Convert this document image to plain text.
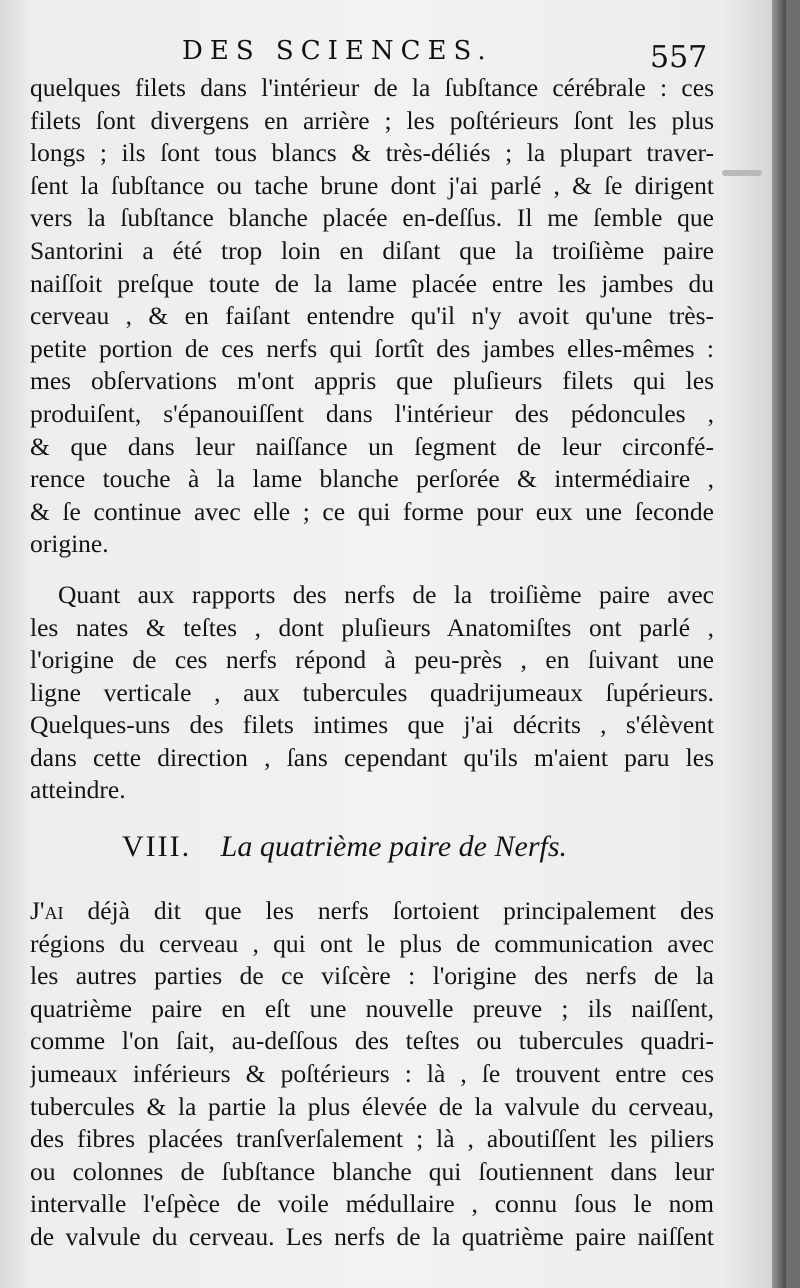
DES SCIENCES.	557
quelques filets dans l'intérieur de la ſubſtance cérébrale : ces
filets ſont divergens en arrière ; les poſtérieurs ſont les plus
longs ; ils ſont tous blancs & très-déliés ; la plupart traver-
ſent la ſubſtance ou tache brune dont j'ai parlé , & ſe dirigent
vers la ſubſtance blanche placée en-deſſus. Il me ſemble que
Santorini a été trop loin en diſant que la troiſième paire
naiſſoit preſque toute de la lame placée entre les jambes du
cerveau , & en faiſant entendre qu'il n'y avoit qu'une très-
petite portion de ces nerfs qui ſortît des jambes elles-mêmes :
mes obſervations m'ont appris que pluſieurs filets qui les
produiſent, s'épanouiſſent dans l'intérieur des pédoncules ,
& que dans leur naiſſance un ſegment de leur circonfé-
rence touche à la lame blanche perſorée & intermédiaire ,
& ſe continue avec elle ; ce qui forme pour eux une ſeconde
origine.
Quant aux rapports des nerfs de la troiſième paire avec
les nates & teſtes , dont pluſieurs Anatomiſtes ont parlé ,
l'origine de ces nerfs répond à peu-près , en ſuivant une
ligne verticale , aux tubercules quadrijumeaux ſupérieurs.
Quelques-uns des filets intimes que j'ai décrits , s'élèvent
dans cette direction , ſans cependant qu'ils m'aient paru les
atteindre.
VIII. La quatrième paire de Nerfs.
J'ai déjà dit que les nerfs ſortoient principalement des
régions du cerveau , qui ont le plus de communication avec
les autres parties de ce viſcère : l'origine des nerfs de la
quatrième paire en eſt une nouvelle preuve ; ils naiſſent,
comme l'on ſait, au-deſſous des teſtes ou tubercules quadri-
jumeaux inférieurs & poſtérieurs : là , ſe trouvent entre ces
tubercules & la partie la plus élevée de la valvule du cerveau,
des fibres placées tranſverſalement ; là , aboutiſſent les piliers
ou colonnes de ſubſtance blanche qui ſoutiennent dans leur
intervalle l'eſpèce de voile médullaire , connu ſous le nom
de valvule du cerveau. Les nerfs de la quatrième paire naiſſent
